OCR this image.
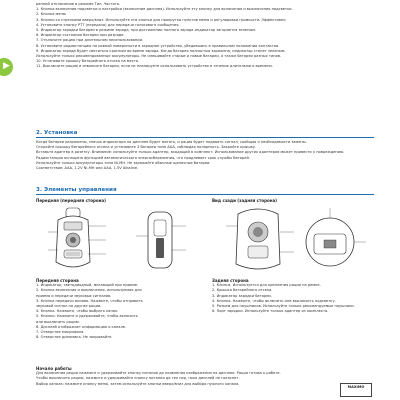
▶

ранний отключение в режиме Тип. Частота.

1. Кнопка включения подсветки и настройки (включение дисплея). Используйте эту кнопку для включения и выключения подсветки.

2. Кнопка меню

3. Кнопки со стрелками вверх/вниз. Используйте эти кнопки для прокрутки пунктов меню и регулировки громкости. Эффективно

4. Установите кнопку PTT (передача) для передачи голосового сообщения.

5. Индикатор зарядки батареи в режиме заряда, при достижении полного заряда индикатор загорается зеленым.

6. Индикатор состояния батареи при разряде.

7. Отключите рацию при длительном неиспользовании.

8. Установите радиостанцию на ровной поверхности в зарядное устройство, убедившись в правильном положении контактов.

9. Индикатор заряда будет светиться красным во время заряда. Когда батарея полностью заряжена, индикатор станет зеленым.

Используйте только рекомендованные аккумуляторы. Не смешивайте старые и новые батареи, а также батареи разных типов.

10. Установите крышку батарейного отсека на место.

11. Выключите рацию и извлеките батареи, если не планируете использовать устройство в течение длительного времени.

2. Установка

Когда батареи разряжены, значок индикатора на дисплее будет мигать, и рация будет подавать сигнал, сообщая о необходимости замены.

Откройте крышку батарейного отсека и установите 3 батареи типа AAA, соблюдая полярность. Закройте крышку.

Вставьте адаптер в розетку. Внимание: используйте только адаптер, входящий в комплект. Использование других адаптеров может привести к повреждению.

Радиостанция оснащена функцией автоматического энергосбережения, что продлевает срок службы батарей.

Используйте только аккумуляторы типа Ni-MH. Не заряжайте обычные щелочные батареи.

Соответствие: AAA, 1.2V Ni-MH или AAA, 1.5V Alkaline.

3. Элементы управления

Передняя (передняя сторона)	Вид сзади (задняя сторона)

Передняя сторона

1. Индикатор, светодиодный, мигающий при приеме.

2. Кнопка включения и выключения, используемая для

приема и передачи звуковых сигналов.

3. Кнопка передачи вызова. Нажмите, чтобы отправить

звуковой сигнал на другие рации.

4. Кнопка. Нажмите, чтобы выбрать канал.

5. Кнопки. Нажмите и удерживайте, чтобы включить

или выключить рацию.

6. Дисплей отображает информацию о канале.

7. Отверстие микрофона.

8. Отверстие динамика. Не закрывайте.

Задняя сторона

1. Клипса. Используется для крепления рации на ремне.

2. Крышка батарейного отсека.

3. Индикатор зарядки батареи.

4. Кнопка. Нажмите, чтобы включить или выключить подсветку.

5. Разъем для наушников. Используйте только рекомендуемые наушники.

6. Порт зарядки. Используйте только адаптер из комплекта.

Начало работы

Для включения рации нажмите и удерживайте кнопку питания до появления изображения на дисплее. Рация готова к работе.

Чтобы выключить рацию, нажмите и удерживайте кнопку питания до тех пор, пока дисплей не погаснет.

Выбор канала: нажмите кнопку меню, затем используйте кнопки вверх/вниз для выбора нужного канала.

MAXIMO
